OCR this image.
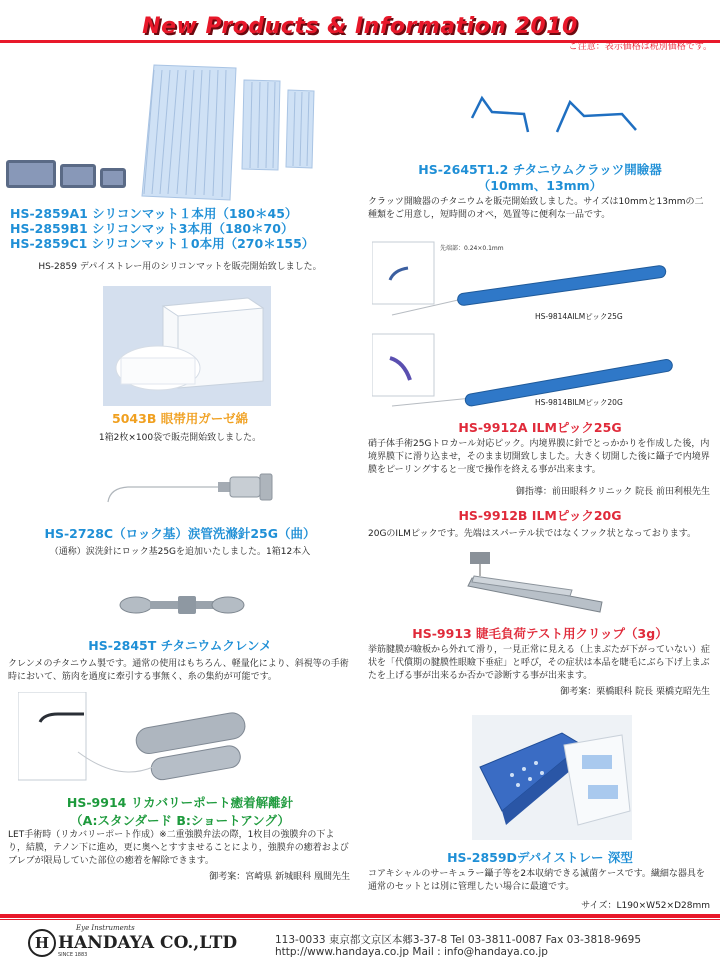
New Products & Information 2010
ご注意：表示価格は税別価格です。
HS-2859A1 シリコンマット１本用（180＊45）
HS-2859B1 シリコンマット3本用（180＊70）
HS-2859C1 シリコンマット１0本用（270＊155）
HS-2859 デパイストレー用のシリコンマットを販売開始致しました。
5043B 眼帯用ガーゼ綿
1箱2枚×100袋で販売開始致しました。
HS-2728C（ロック基）涙管洗滌針25G（曲）
（通称）涙洗針にロック基25Gを追加いたしました。1箱12本入
HS-2845T チタニウムクレンメ
クレンメのチタニウム製です。通常の使用はもちろん、軽量化により、斜視等の手術時において、筋肉を過度に牽引する事無く、糸の集約が可能です。
HS-9914 リカバリーポート癒着解離針
（A:スタンダード B:ショートアング）
LET手術時（リカバリーポート作成）※二重強膜弁法の際，1枚目の強膜弁の下より，結膜，テノン下に進め，更に奥へとすすませることにより，強膜弁の癒着およびブレブが限局していた部位の癒着を解除できます。
御考案：宮崎県 新城眼科 凰間先生
HS-2645T1.2 チタニウムクラッツ開瞼器
（10mm、13mm）
クラッツ開瞼器のチタニウムを販売開始致しました。サイズは10mmと13mmの二種類をご用意し，短時間のオペ，処置等に便利な一品です。
先端部：0.24×0.1mm
HS-9814AILMピック25G
HS-9814BILMピック20G
HS-9912A ILMピック25G
硝子体手術25Gトロカール対応ピック。内境界膜に針でとっかかりを作成した後，内境界膜下に滑り込ませ，そのまま切開致しました。大きく切開した後に鑷子で内境界膜をピーリングすると一度で操作を終える事が出来ます。
御指導：前田眼科クリニック 院長 前田利根先生
HS-9912B ILMピック20G
20GのILMピックです。先端はスパーテル状ではなくフック状となっております。
HS-9913 睫毛負荷テスト用クリップ（3g）
挙筋腱膜が瞼板から外れて滑り，一見正常に見える（上まぶたが下がっていない）症状を「代償期の腱膜性眼瞼下垂症」と呼び，その症状は本品を睫毛にぶら下げ上まぶたを上げる事が出来るか否かで診断する事が出来ます。
御考案：栗橋眼科 院長 栗橋克昭先生
HS-2859Dデパイストレー 深型
コアキシャルのサーキュラー鑷子等を2本収納できる滅菌ケースです。繊細な器具を通常のセットとは別に管理したい場合に最適です。
サイズ：L190×W52×D28mm
Eye Instruments
H HANDAYA CO.,LTD
SINCE 1883
113-0033 東京都文京区本郷3-37-8 Tel 03-3811-0087 Fax 03-3818-9695
http://www.handaya.co.jp Mail : info@handaya.co.jp
